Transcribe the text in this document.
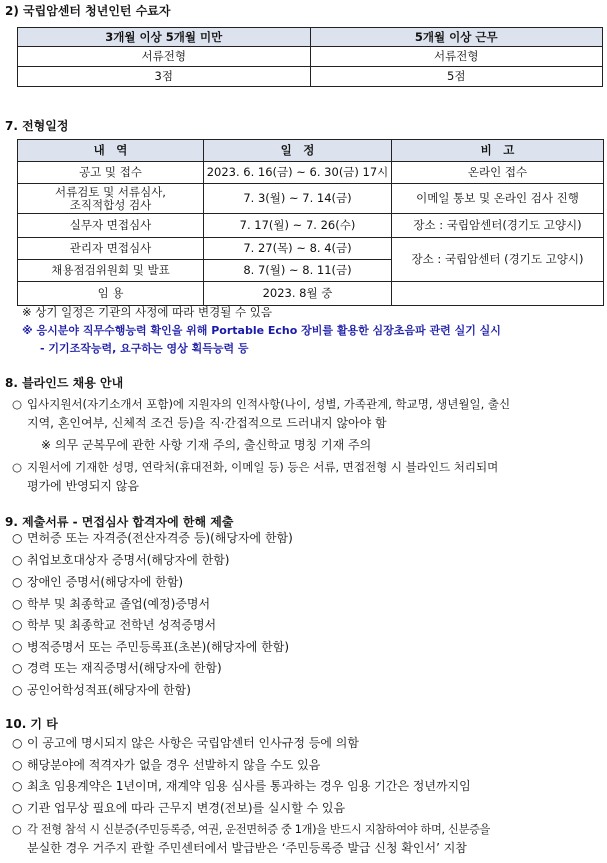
2) 국립암센터 청년인턴 수료자
3개월 이상 5개월 미만	5개월 이상 근무
서류전형	서류전형
3점	5점
7. 전형일정
내　역	일　정	비　고
공고 및 접수	2023. 6. 16(금) ~ 6. 30(금) 17시	온라인 접수
서류검토 및 서류심사,
조직적합성 검사	7. 3(월) ~ 7. 14(금)	이메일 통보 및 온라인 검사 진행
실무자 면접심사	7. 17(월) ~ 7. 26(수)	장소 : 국립암센터(경기도 고양시)
관리자 면접심사	7. 27(목) ~ 8. 4(금)	장소 : 국립암센터 (경기도 고양시)
채용점검위원회 및 발표	8. 7(월) ~ 8. 11(금)	
임 용	2023. 8월 중	
※ 상기 일정은 기관의 사정에 따라 변경될 수 있음
※ 응시분야 직무수행능력 확인을 위해 Portable Echo 장비를 활용한 심장초음파 관련 실기 실시
- 기기조작능력, 요구하는 영상 획득능력 등
8. 블라인드 채용 안내
○ 입사지원서(자기소개서 포함)에 지원자의 인적사항(나이, 성별, 가족관계, 학교명, 생년월일, 출신
지역, 혼인여부, 신체적 조건 등)을 직·간접적으로 드러내지 않아야 함
※ 의무 군복무에 관한 사항 기재 주의, 출신학교 명칭 기재 주의
○ 지원서에 기재한 성명, 연락처(휴대전화, 이메일 등) 등은 서류, 면접전형 시 블라인드 처리되며
평가에 반영되지 않음
9. 제출서류 - 면접심사 합격자에 한해 제출
○ 면허증 또는 자격증(전산자격증 등)(해당자에 한함)
○ 취업보호대상자 증명서(해당자에 한함)
○ 장애인 증명서(해당자에 한함)
○ 학부 및 최종학교 졸업(예정)증명서
○ 학부 및 최종학교 전학년 성적증명서
○ 병적증명서 또는 주민등록표(초본)(해당자에 한함)
○ 경력 또는 재직증명서(해당자에 한함)
○ 공인어학성적표(해당자에 한함)
10. 기 타
○ 이 공고에 명시되지 않은 사항은 국립암센터 인사규정 등에 의함
○ 해당분야에 적격자가 없을 경우 선발하지 않을 수도 있음
○ 최초 임용계약은 1년이며, 재계약 임용 심사를 통과하는 경우 임용 기간은 정년까지임
○ 기관 업무상 필요에 따라 근무지 변경(전보)를 실시할 수 있음
○ 각 전형 참석 시 신분증(주민등록증, 여권, 운전면허증 중 1개)을 반드시 지참하여야 하며, 신분증을
분실한 경우 거주지 관할 주민센터에서 발급받은 ‘주민등록증 발급 신청 확인서’ 지참
